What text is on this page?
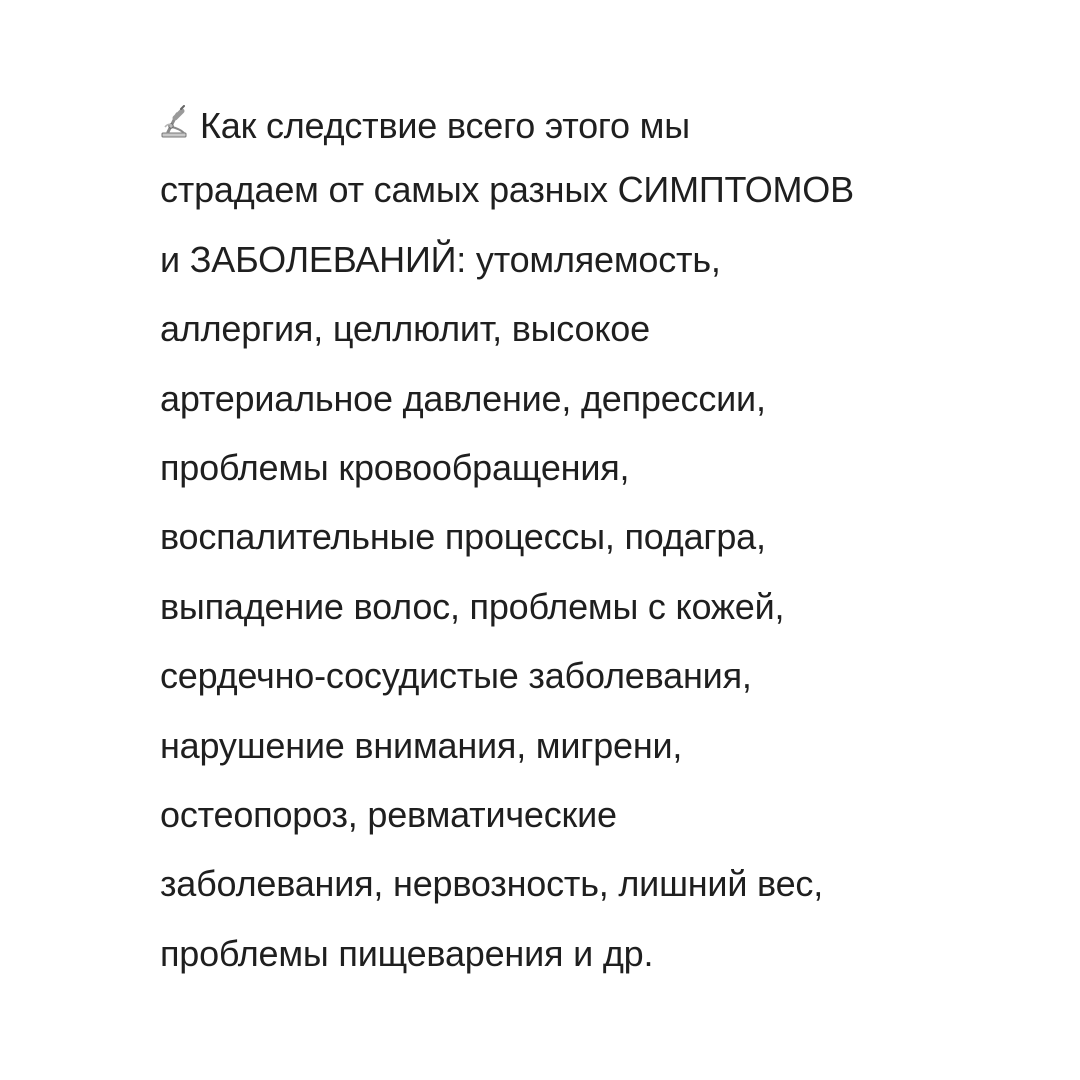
Как следствие всего этого мы
страдаем от самых разных СИМПТОМОВ
и ЗАБОЛЕВАНИЙ: утомляемость,
аллергия, целлюлит, высокое
артериальное давление, депрессии,
проблемы кровообращения,
воспалительные процессы, подагра,
выпадение волос, проблемы с кожей,
сердечно-сосудистые заболевания,
нарушение внимания, мигрени,
остеопороз, ревматические
заболевания, нервозность, лишний вес,
проблемы пищеварения и др.
